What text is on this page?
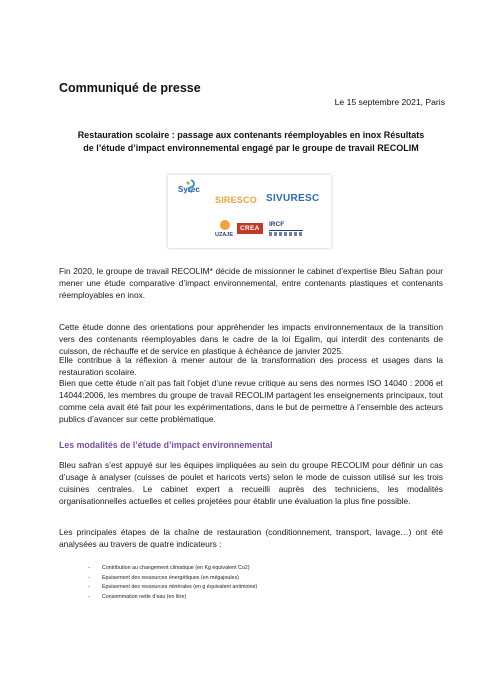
Communiqué de presse
Le 15 septembre 2021, Paris
Restauration scolaire : passage aux contenants réemployables en inox Résultats
de l’étude d’impact environnemental engagé par le groupe de travail RECOLIM
Syrec
SIRESCO SIVURESC
UZAJE
CREA
IRCF
Fin 2020, le groupe de travail RECOLIM* décide de missionner le cabinet d’expertise Bleu Safran pour mener une étude comparative d’impact environnemental, entre contenants plastiques et contenants réemployables en inox.
Cette étude donne des orientations pour appréhender les impacts environnementaux de la transition vers des contenants réemployables dans le cadre de la loi Egalim, qui interdit des contenants de cuisson, de réchauffe et de service en plastique à échéance de janvier 2025.
Elle contribue à la réflexion à mener autour de la transformation des process et usages dans la restauration scolaire.
Bien que cette étude n’ait pas fait l’objet d’une revue critique au sens des normes ISO 14040 : 2006 et 14044:2006, les membres du groupe de travail RECOLIM partagent les enseignements principaux, tout comme cela avait été fait pour les expérimentations, dans le but de permettre à l’ensemble des acteurs publics d’avancer sur cette problématique.
Les modalités de l’étude d’impact environnemental
Bleu safran s’est appuyé sur les équipes impliquées au sein du groupe RECOLIM pour définir un cas d’usage à analyser (cuisses de poulet et haricots verts) selon le mode de cuisson utilisé sur les trois cuisines centrales. Le cabinet expert a recueilli auprès des techniciens, les modalités organisationnelles actuelles et celles projetées pour établir une évaluation la plus fine possible.
Les principales étapes de la chaîne de restauration (conditionnement, transport, lavage…) ont été analysées au travers de quatre indicateurs :
- Contribution au changement climatique (en Kg équivalent Co2)
- Epuisement des ressources énergétiques (en mégajoules)
- Epuisement des ressources minérales (en g équivalent antimoine)
- Consommation nette d’eau (en litre)
